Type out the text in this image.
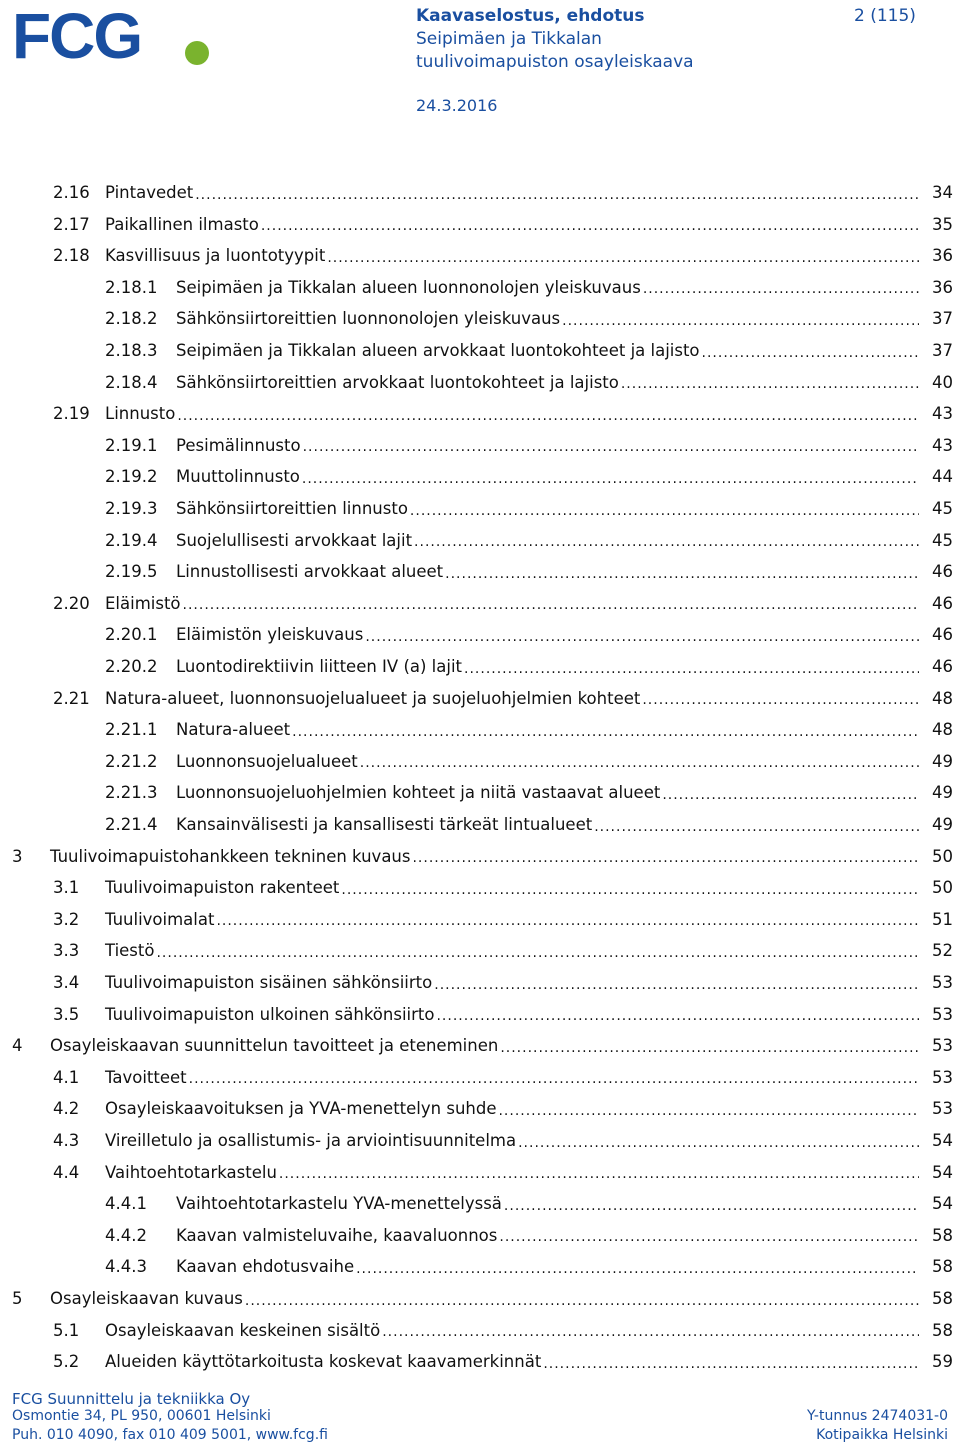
FCG	Kaavaselostus, ehdotus	2 (115)
Seipimäen ja Tikkalan
tuulivoimapuiston osayleiskaava
24.3.2016
2.16 Pintavedet .....	34
2.17 Paikallinen ilmasto .....	35
2.18 Kasvillisuus ja luontotyypit .....	36
2.18.1	Seipimäen ja Tikkalan alueen luonnonolojen yleiskuvaus .....	36
2.18.2	Sähkönsiirtoreittien luonnonolojen yleiskuvaus .....	37
2.18.3	Seipimäen ja Tikkalan alueen arvokkaat luontokohteet ja lajisto .....	37
2.18.4	Sähkönsiirtoreittien arvokkaat luontokohteet ja lajisto .....	40
2.19 Linnusto .....	43
2.19.1	Pesimälinnusto .....	43
2.19.2	Muuttolinnusto .....	44
2.19.3	Sähkönsiirtoreittien linnusto .....	45
2.19.4	Suojelullisesti arvokkaat lajit .....	45
2.19.5	Linnustollisesti arvokkaat alueet .....	46
2.20 Eläimistö .....	46
2.20.1	Eläimistön yleiskuvaus .....	46
2.20.2	Luontodirektiivin liitteen IV (a) lajit .....	46
2.21 Natura-alueet, luonnonsuojelualueet ja suojeluohjelmien kohteet .....	48
2.21.1	Natura-alueet .....	48
2.21.2	Luonnonsuojelualueet .....	49
2.21.3	Luonnonsuojeluohjelmien kohteet ja niitä vastaavat alueet .....	49
2.21.4	Kansainvälisesti ja kansallisesti tärkeät lintualueet .....	49
3	Tuulivoimapuistohankkeen tekninen kuvaus .....	50
3.1	Tuulivoimapuiston rakenteet .....	50
3.2	Tuulivoimalat .....	51
3.3	Tiestö .....	52
3.4	Tuulivoimapuiston sisäinen sähkönsiirto .....	53
3.5	Tuulivoimapuiston ulkoinen sähkönsiirto .....	53
4	Osayleiskaavan suunnittelun tavoitteet ja eteneminen .....	53
4.1	Tavoitteet .....	53
4.2	Osayleiskaavoituksen ja YVA-menettelyn suhde .....	53
4.3	Vireilletulo ja osallistumis- ja arviointisuunnitelma .....	54
4.4	Vaihtoehtotarkastelu .....	54
4.4.1	Vaihtoehtotarkastelu YVA-menettelyssä .....	54
4.4.2	Kaavan valmisteluvaihe, kaavaluonnos .....	58
4.4.3	Kaavan ehdotusvaihe .....	58
5	Osayleiskaavan kuvaus .....	58
5.1	Osayleiskaavan keskeinen sisältö .....	58
5.2	Alueiden käyttötarkoitusta koskevat kaavamerkinnät .....	59
FCG Suunnittelu ja tekniikka Oy
Osmontie 34, PL 950, 00601 Helsinki
Puh. 010 4090, fax 010 409 5001, www.fcg.fi
Y-tunnus 2474031-0
Kotipaikka Helsinki
